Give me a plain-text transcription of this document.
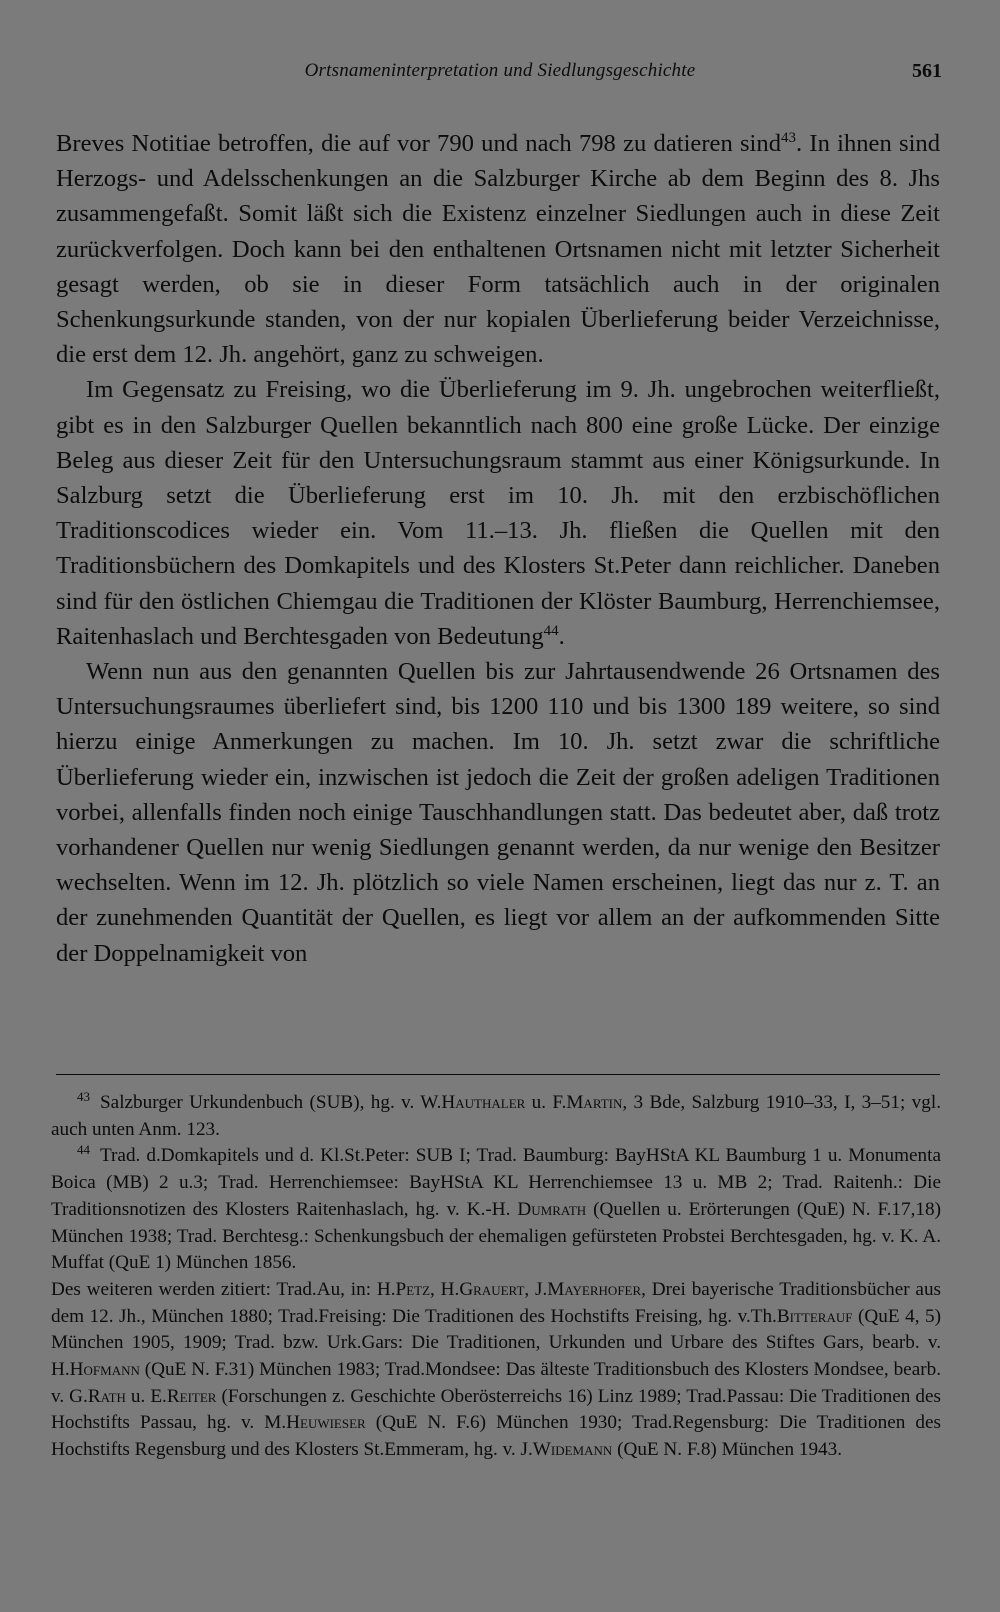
Ortsnameninterpretation und Siedlungsgeschichte	561

Breves Notitiae betroffen, die auf vor 790 und nach 798 zu datieren sind$^{43}$. In ihnen sind Herzogs- und Adelsschenkungen an die Salzburger Kirche ab dem Beginn des 8. Jhs zusammengefaßt. Somit läßt sich die Existenz einzelner Siedlungen auch in diese Zeit zurückverfolgen. Doch kann bei den enthaltenen Ortsnamen nicht mit letzter Sicherheit gesagt werden, ob sie in dieser Form tatsächlich auch in der originalen Schenkungsurkunde standen, von der nur kopialen Überlieferung beider Verzeichnisse, die erst dem 12. Jh. angehört, ganz zu schweigen.

Im Gegensatz zu Freising, wo die Überlieferung im 9. Jh. ungebrochen weiterfließt, gibt es in den Salzburger Quellen bekanntlich nach 800 eine große Lücke. Der einzige Beleg aus dieser Zeit für den Untersuchungsraum stammt aus einer Königsurkunde. In Salzburg setzt die Überlieferung erst im 10. Jh. mit den erzbischöflichen Traditionscodices wieder ein. Vom 11.–13. Jh. fließen die Quellen mit den Traditionsbüchern des Domkapitels und des Klosters St.Peter dann reichlicher. Daneben sind für den östlichen Chiemgau die Traditionen der Klöster Baumburg, Herrenchiemsee, Raitenhaslach und Berchtesgaden von Bedeutung$^{44}$.

Wenn nun aus den genannten Quellen bis zur Jahrtausendwende 26 Ortsnamen des Untersuchungsraumes überliefert sind, bis 1200 110 und bis 1300 189 weitere, so sind hierzu einige Anmerkungen zu machen. Im 10. Jh. setzt zwar die schriftliche Überlieferung wieder ein, inzwischen ist jedoch die Zeit der großen adeligen Traditionen vorbei, allenfalls finden noch einige Tauschhandlungen statt. Das bedeutet aber, daß trotz vorhandener Quellen nur wenig Siedlungen genannt werden, da nur wenige den Besitzer wechselten. Wenn im 12. Jh. plötzlich so viele Namen erscheinen, liegt das nur z. T. an der zunehmenden Quantität der Quellen, es liegt vor allem an der aufkommenden Sitte der Doppelnamigkeit von

$^{43}$ Salzburger Urkundenbuch (SUB), hg. v. W.Hauthaler u. F.Martin, 3 Bde, Salzburg 1910–33, I, 3–51; vgl. auch unten Anm. 123.

$^{44}$ Trad. d.Domkapitels und d. Kl.St.Peter: SUB I; Trad. Baumburg: BayHStA KL Baumburg 1 u. Monumenta Boica (MB) 2 u.3; Trad. Herrenchiemsee: BayHStA KL Herrenchiemsee 13 u. MB 2; Trad. Raitenh.: Die Traditionsnotizen des Klosters Raitenhaslach, hg. v. K.-H. Dumrath (Quellen u. Erörterungen (QuE) N. F.17,18) München 1938; Trad. Berchtesg.: Schenkungsbuch der ehemaligen gefürsteten Probstei Berchtesgaden, hg. v. K. A. Muffat (QuE 1) München 1856.

Des weiteren werden zitiert: Trad.Au, in: H.Petz, H.Grauert, J.Mayerhofer, Drei bayerische Traditionsbücher aus dem 12. Jh., München 1880; Trad.Freising: Die Traditionen des Hochstifts Freising, hg. v.Th.Bitterauf (QuE 4, 5) München 1905, 1909; Trad. bzw. Urk.Gars: Die Traditionen, Urkunden und Urbare des Stiftes Gars, bearb. v. H.Hofmann (QuE N. F.31) München 1983; Trad.Mondsee: Das älteste Traditionsbuch des Klosters Mondsee, bearb. v. G.Rath u. E.Reiter (Forschungen z. Geschichte Oberösterreichs 16) Linz 1989; Trad.Passau: Die Traditionen des Hochstifts Passau, hg. v. M.Heuwieser (QuE N. F.6) München 1930; Trad.Regensburg: Die Traditionen des Hochstifts Regensburg und des Klosters St.Emmeram, hg. v. J.Widemann (QuE N. F.8) München 1943.
